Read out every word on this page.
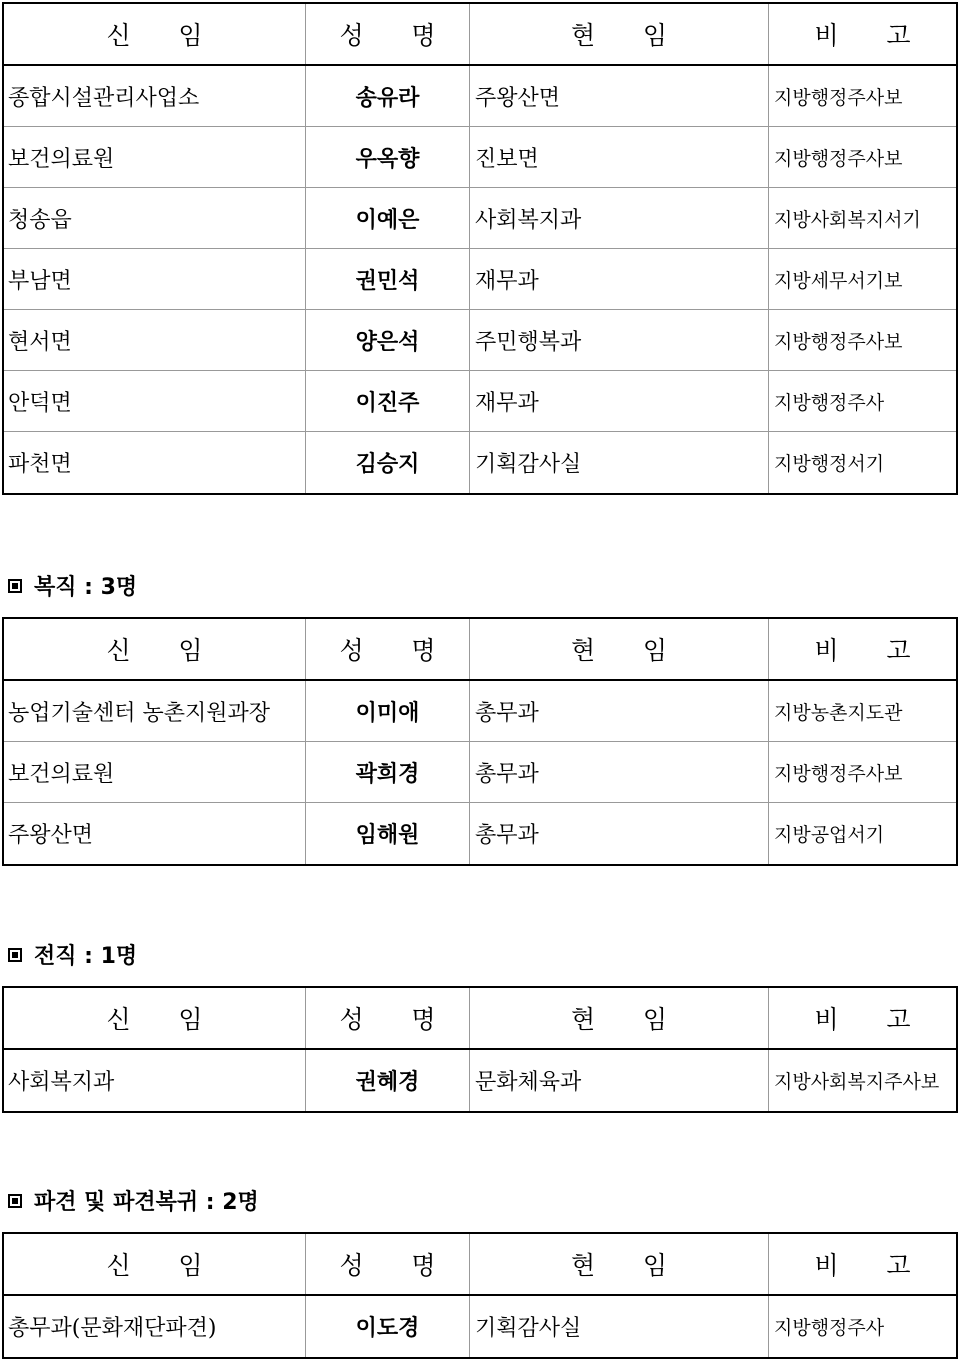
신      임	성      명	현      임	비      고
종합시설관리사업소	송유라	주왕산면	지방행정주사보
보건의료원	우옥향	진보면	지방행정주사보
청송읍	이예은	사회복지과	지방사회복지서기
부남면	권민석	재무과	지방세무서기보
현서면	양은석	주민행복과	지방행정주사보
안덕면	이진주	재무과	지방행정주사
파천면	김승지	기획감사실	지방행정서기
복직 : 3명
신      임	성      명	현      임	비      고
농업기술센터 농촌지원과장	이미애	총무과	지방농촌지도관
보건의료원	곽희경	총무과	지방행정주사보
주왕산면	임해원	총무과	지방공업서기
전직 : 1명
신      임	성      명	현      임	비      고
사회복지과	권혜경	문화체육과	지방사회복지주사보
파견 및 파견복귀 : 2명
신      임	성      명	현      임	비      고
총무과(문화재단파견)	이도경	기획감사실	지방행정주사
